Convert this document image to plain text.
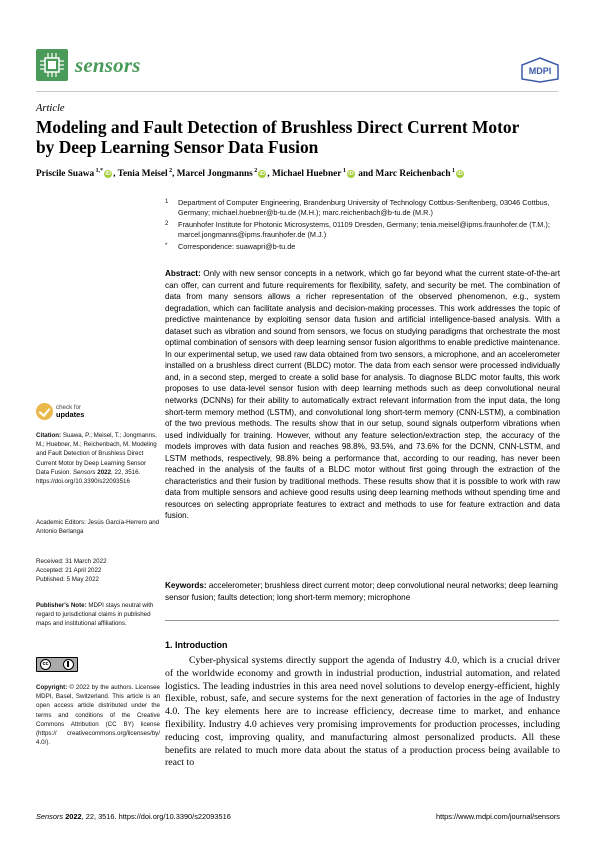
sensors	MDPI
Article
Modeling and Fault Detection of Brushless Direct Current Motor by Deep Learning Sensor Data Fusion
Priscile Suawa $^{1,*}$ iD , Tenia Meisel $^2$, Marcel Jongmanns $^2$ iD , Michael Huebner $^1$ iD and Marc Reichenbach $^1$ iD
1	Department of Computer Engineering, Brandenburg University of Technology Cottbus-Senftenberg, 03046 Cottbus, Germany; michael.huebner@b-tu.de (M.H.); marc.reichenbach@b-tu.de (M.R.)
2	Fraunhofer Institute for Photonic Microsystems, 01109 Dresden, Germany; tenia.meisel@ipms.fraunhofer.de (T.M.); marcel.jongmanns@ipms.fraunhofer.de (M.J.)
*	Correspondence: suawapri@b-tu.de
check for
updates
Citation: Suawa, P.; Meisel, T.; Jongmanns, M.; Huebner, M.; Reichenbach, M. Modeling and Fault Detection of Brushless Direct Current Motor by Deep Learning Sensor Data Fusion. Sensors 2022, 22, 3516. https://doi.org/10.3390/s22093516
Academic Editors: Jesús García-Herrero and Antonio Berlanga
Received: 31 March 2022
Accepted: 21 April 2022
Published: 5 May 2022
Publisher's Note: MDPI stays neutral with regard to jurisdictional claims in published maps and institutional affiliations.
cc
Copyright: © 2022 by the authors. Licensee MDPI, Basel, Switzerland. This article is an open access article distributed under the terms and conditions of the Creative Commons Attribution (CC BY) license (https:// creativecommons.org/licenses/by/ 4.0/).
Abstract: Only with new sensor concepts in a network, which go far beyond what the current state-of-the-art can offer, can current and future requirements for flexibility, safety, and security be met. The combination of data from many sensors allows a richer representation of the observed phenomenon, e.g., system degradation, which can facilitate analysis and decision-making processes. This work addresses the topic of predictive maintenance by exploiting sensor data fusion and artificial intelligence-based analysis. With a dataset such as vibration and sound from sensors, we focus on studying paradigms that orchestrate the most optimal combination of sensors with deep learning sensor fusion algorithms to enable predictive maintenance. In our experimental setup, we used raw data obtained from two sensors, a microphone, and an accelerometer installed on a brushless direct current (BLDC) motor. The data from each sensor were processed individually and, in a second step, merged to create a solid base for analysis. To diagnose BLDC motor faults, this work proposes to use data-level sensor fusion with deep learning methods such as deep convolutional neural networks (DCNNs) for their ability to automatically extract relevant information from the input data, the long short-term memory method (LSTM), and convolutional long short-term memory (CNN-LSTM), a combination of the two previous methods. The results show that in our setup, sound signals outperform vibrations when used individually for training. However, without any feature selection/extraction step, the accuracy of the models improves with data fusion and reaches 98.8%, 93.5%, and 73.6% for the DCNN, CNN-LSTM, and LSTM methods, respectively, 98.8% being a performance that, according to our reading, has never been reached in the analysis of the faults of a BLDC motor without first going through the extraction of the characteristics and their fusion by traditional methods. These results show that it is possible to work with raw data from multiple sensors and achieve good results using deep learning methods without spending time and resources on selecting appropriate features to extract and methods to use for feature extraction and data fusion.
Keywords: accelerometer; brushless direct current motor; deep convolutional neural networks; deep learning sensor fusion; faults detection; long short-term memory; microphone
1. Introduction
Cyber-physical systems directly support the agenda of Industry 4.0, which is a crucial driver of the worldwide economy and growth in industrial production, industrial automation, and related logistics. The leading industries in this area need novel solutions to develop energy-efficient, highly flexible, robust, safe, and secure systems for the next generation of factories in the age of Industry 4.0. The key elements here are to increase efficiency, decrease time to market, and enhance flexibility. Industry 4.0 achieves very promising improvements for production processes, including reducing cost, improving quality, and manufacturing almost personalized products. All these benefits are related to much more data about the status of a production process being available to react to
Sensors 2022, 22, 3516. https://doi.org/10.3390/s22093516	https://www.mdpi.com/journal/sensors
